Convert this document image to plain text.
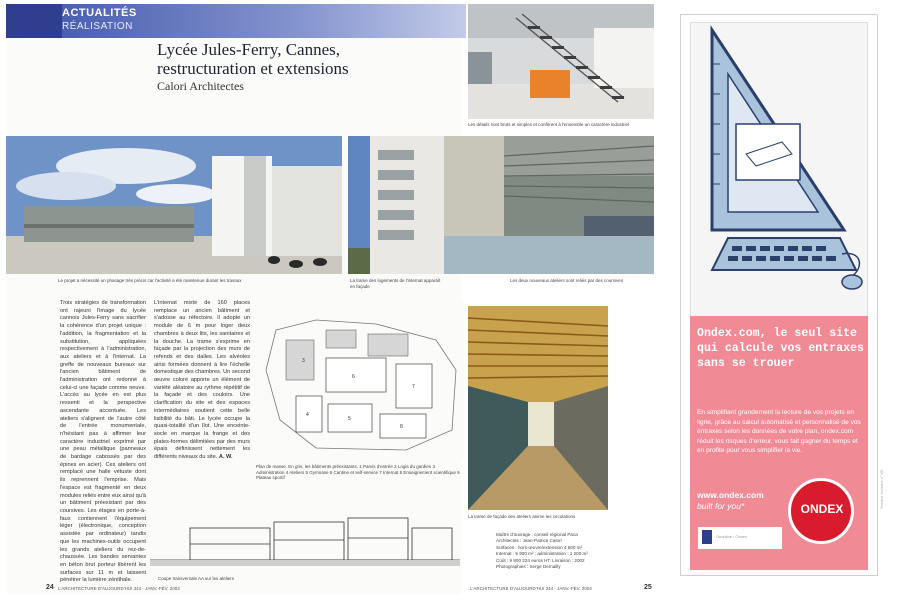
ACTUALITÉS
RÉALISATION
Lycée Jules-Ferry, Cannes,
restructuration et extensions
Calori Architectes
Les détails sont bruts et simples et confèrent à l'ensemble un caractère industriel
Le projet a nécessité un phasage très précis car l'activité a été maintenue durant les travaux	La trame des logements de l'internat apparaît en façade
Les deux nouveaux ateliers sont reliés par des coursives
Trois stratégies de transformation ont rajeuni l'image du lycée cannois Jules-Ferry sans sacrifier la cohérence d'un projet unique : l'addition, la fragmentation et la substitution, appliquées respectivement à l'administration, aux ateliers et à l'internat. La greffe de nouveaux bureaux sur l'ancien bâtiment de l'administration ont redonné à celui-ci une façade comme neuve. L'accès au lycée en est plus ressenti et la perspective ascendante accentuée. Les ateliers s'alignent de l'autre côté de l'entrée monumentale, n'hésitant pas à affirmer leur caractère industriel exprimé par une peau métallique (panneaux de bardage cabossés par des épines en acier). Ces ateliers ont remplacé une halle vétuste dont ils reprennent l'emprise. Mais l'espace est fragmenté en deux modules reliés entre eux ainsi qu'à un bâtiment préexistant par des coursives. Les étages en porte-à-faux contiennent l'équipement léger (électronique, conception assistée par ordinateur) tandis que les machines-outils occupent les grands ateliers du rez-de-chaussée. Les bandes servantes en béton brut porteur libèrent les surfaces sur 11 m et laissent pénétrer la lumière zénithale.
L'internat mixte de 160 places remplace un ancien bâtiment et s'adosse au réfectoire. Il adopte un module de 6 m pour loger deux chambres à deux lits, les sanitaires et la douche. La trame s'exprime en façade par la projection des murs de refends et des dalles. Les alvéoles ainsi formées donnent à lire l'échelle domestique des chambres. Un second œuvre coloré apporte un élément de variété aléatoire au rythme répétitif de la façade et des couloirs. Une clarification du site et des espaces intermédiaires soutient cette belle lisibilité du bâti. Le lycée occupe la quasi-totalité d'un îlot. Une enceinte-socle en marque la frange et des plates-formes délimitées par des murs épais définissent nettement les différents niveaux du site. A. W.
3
6
7
4
5
8
Plan de masse. En gris, les bâtiments préexistants. 1 Parvis d'entrée 2 Logis du gardien 3 Administration 4 Ateliers 5 Gymnase 6 Cantine et self-service 7 Internat 8 Enseignement scientifique 9 Plateau sportif
Coupe transversale AA sur les ateliers
La trame de façade des ateliers anime les circulations
Maître d'ouvrage : conseil régional Paca
Architectes : Jean-Patrice Calori
Surfaces : hors-œuvre/extension 4 500 m²
Internat : 5 900 m² ; administration : 1 200 m²
Coût : 9 800 224 euros HT. Livraison : 2002
Photographies : Serge Demailly
24 L'ARCHITECTURE D'AUJOURD'HUI 344 · JANV.-FÉV. 2003	L'ARCHITECTURE D'AUJOURD'HUI 344 · JANV.-FÉV. 2003	25
Ondex.com, le seul site qui calcule vos entraxes sans se trouer
En simplifiant grandement la lecture de vos projets en ligne, grâce au calcul automatisé et personnalisé de vos entraxes selon les données de votre plan, ondex.com réduit les risques d'erreur, vous fait gagner du temps et en profite pour vous simplifier la vie.
www.ondex.com
built for you*	ONDEX
Onduline / Ondex
Service lecteurs n° 85
